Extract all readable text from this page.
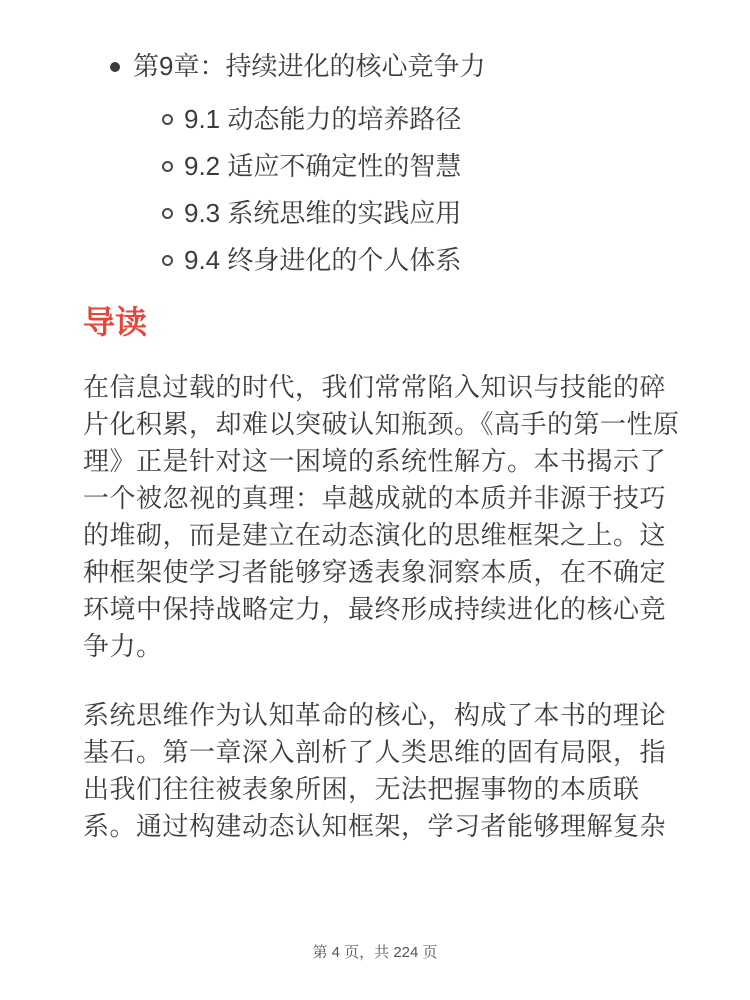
第9章：持续进化的核心竞争力
9.1 动态能力的培养路径
9.2 适应不确定性的智慧
9.3 系统思维的实践应用
9.4 终身进化的个人体系
导读

在信息过载的时代，我们常常陷入知识与技能的碎片化积累，却难以突破认知瓶颈。《高手的第一性原理》正是针对这一困境的系统性解方。本书揭示了一个被忽视的真理：卓越成就的本质并非源于技巧的堆砌，而是建立在动态演化的思维框架之上。这种框架使学习者能够穿透表象洞察本质，在不确定环境中保持战略定力，最终形成持续进化的核心竞争力。

系统思维作为认知革命的核心，构成了本书的理论基石。第一章深入剖析了人类思维的固有局限，指出我们往往被表象所困，无法把握事物的本质联系。通过构建动态认知框架，学习者能够理解复杂

第 4 页，共 224 页
